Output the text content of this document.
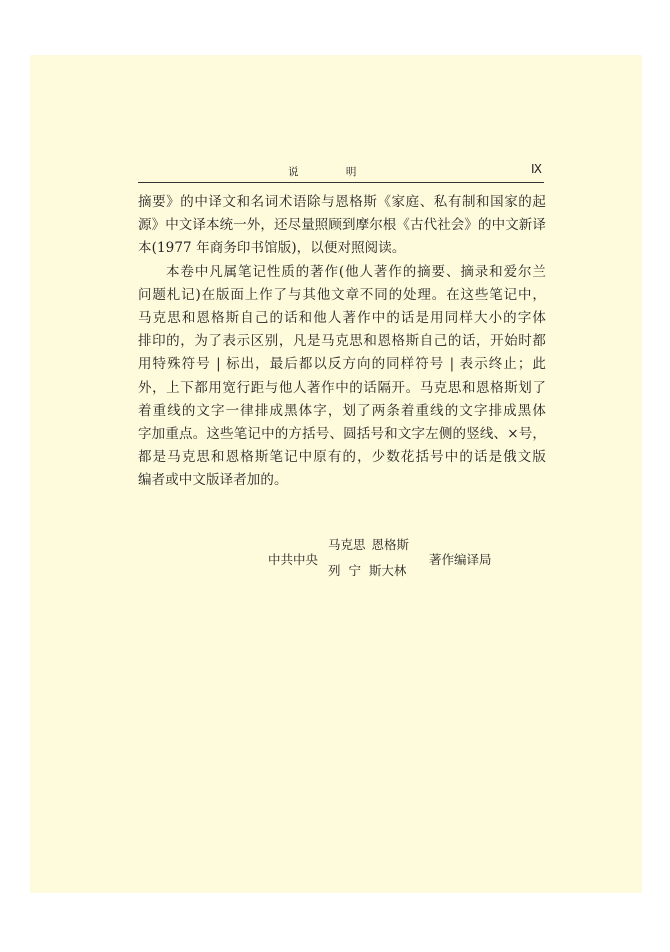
说 明	Ⅸ
摘要》的中译文和名词术语除与恩格斯《家庭、私有制和国家的起
源》中文译本统一外，还尽量照顾到摩尔根《古代社会》的中文新译
本(1977 年商务印书馆版)，以便对照阅读。
本卷中凡属笔记性质的著作(他人著作的摘要、摘录和爱尔兰
问题札记)在版面上作了与其他文章不同的处理。在这些笔记中，
马克思和恩格斯自己的话和他人著作中的话是用同样大小的字体
排印的，为了表示区别，凡是马克思和恩格斯自己的话，开始时都
用特殊符号 | 标出，最后都以反方向的同样符号 | 表示终止；此
外，上下都用宽行距与他人著作中的话隔开。马克思和恩格斯划了
着重线的文字一律排成黑体字，划了两条着重线的文字排成黑体
字加重点。这些笔记中的方括号、圆括号和文字左侧的竖线、×号，
都是马克思和恩格斯笔记中原有的，少数花括号中的话是俄文版
编者或中文版译者加的。
中共中央
马克思 恩格斯
列  宁  斯大林
著作编译局
